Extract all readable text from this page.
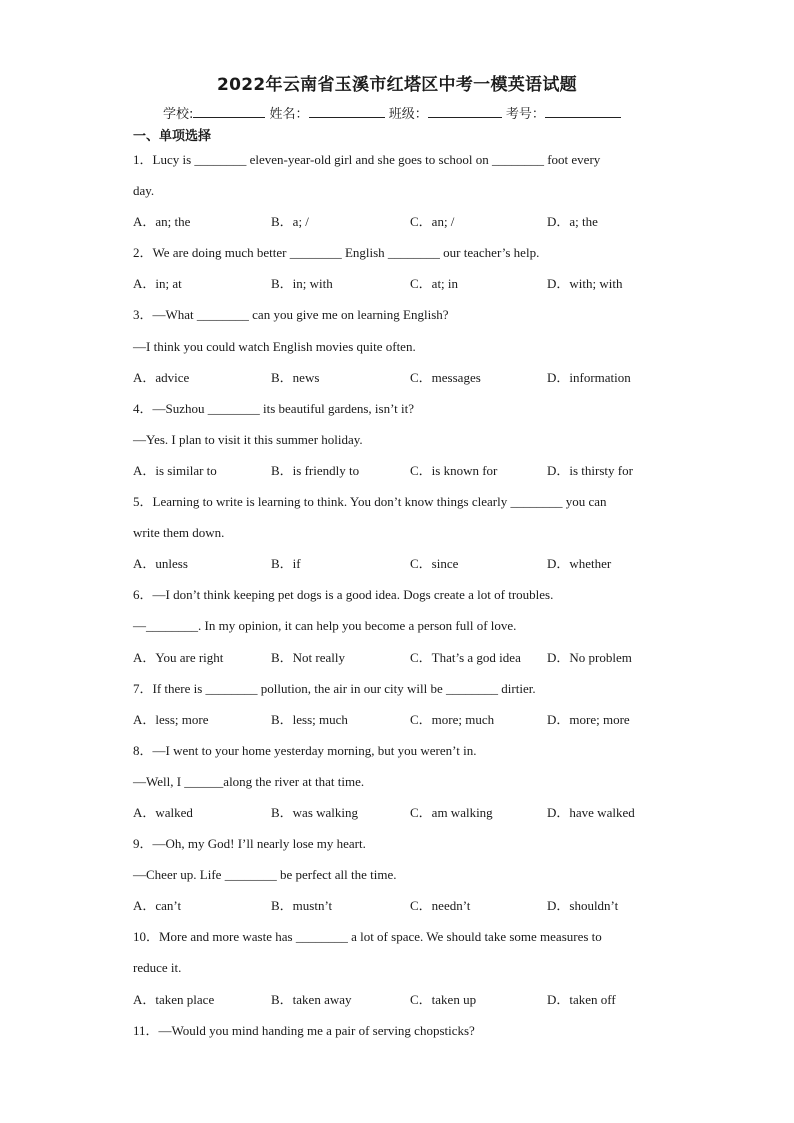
2022年云南省玉溪市红塔区中考一模英语试题
学校:	姓名：	班级：	考号：
一、单项选择
1．Lucy is ________ eleven-year-old girl and she goes to school on ________ foot every
day.
A．an; the	B．a; /	C．an; /	D．a; the
2．We are doing much better ________ English ________ our teacher’s help.
A．in; at	B．in; with	C．at; in	D．with; with
3．—What ________ can you give me on learning English?
—I think you could watch English movies quite often.
A．advice	B．news	C．messages	D．information
4．—Suzhou ________ its beautiful gardens, isn’t it?
—Yes. I plan to visit it this summer holiday.
A．is similar to	B．is friendly to	C．is known for	D．is thirsty for
5．Learning to write is learning to think. You don’t know things clearly ________ you can
write them down.
A．unless	B．if	C．since	D．whether
6．—I don’t think keeping pet dogs is a good idea. Dogs create a lot of troubles.
—________. In my opinion, it can help you become a person full of love.
A．You are right	B．Not really	C．That’s a god idea D．No problem
7．If there is ________ pollution, the air in our city will be ________ dirtier.
A．less; more	B．less; much	C．more; much	D．more; more
8．—I went to your home yesterday morning, but you weren’t in.
—Well, I ______along the river at that time.
A．walked	B．was walking	C．am walking	D．have walked
9．—Oh, my God! I’ll nearly lose my heart.
—Cheer up. Life ________ be perfect all the time.
A．can’t	B．mustn’t	C．needn’t	D．shouldn’t
10．More and more waste has ________ a lot of space. We should take some measures to
reduce it.
A．taken place	B．taken away	C．taken up	D．taken off
11．—Would you mind handing me a pair of serving chopsticks?
